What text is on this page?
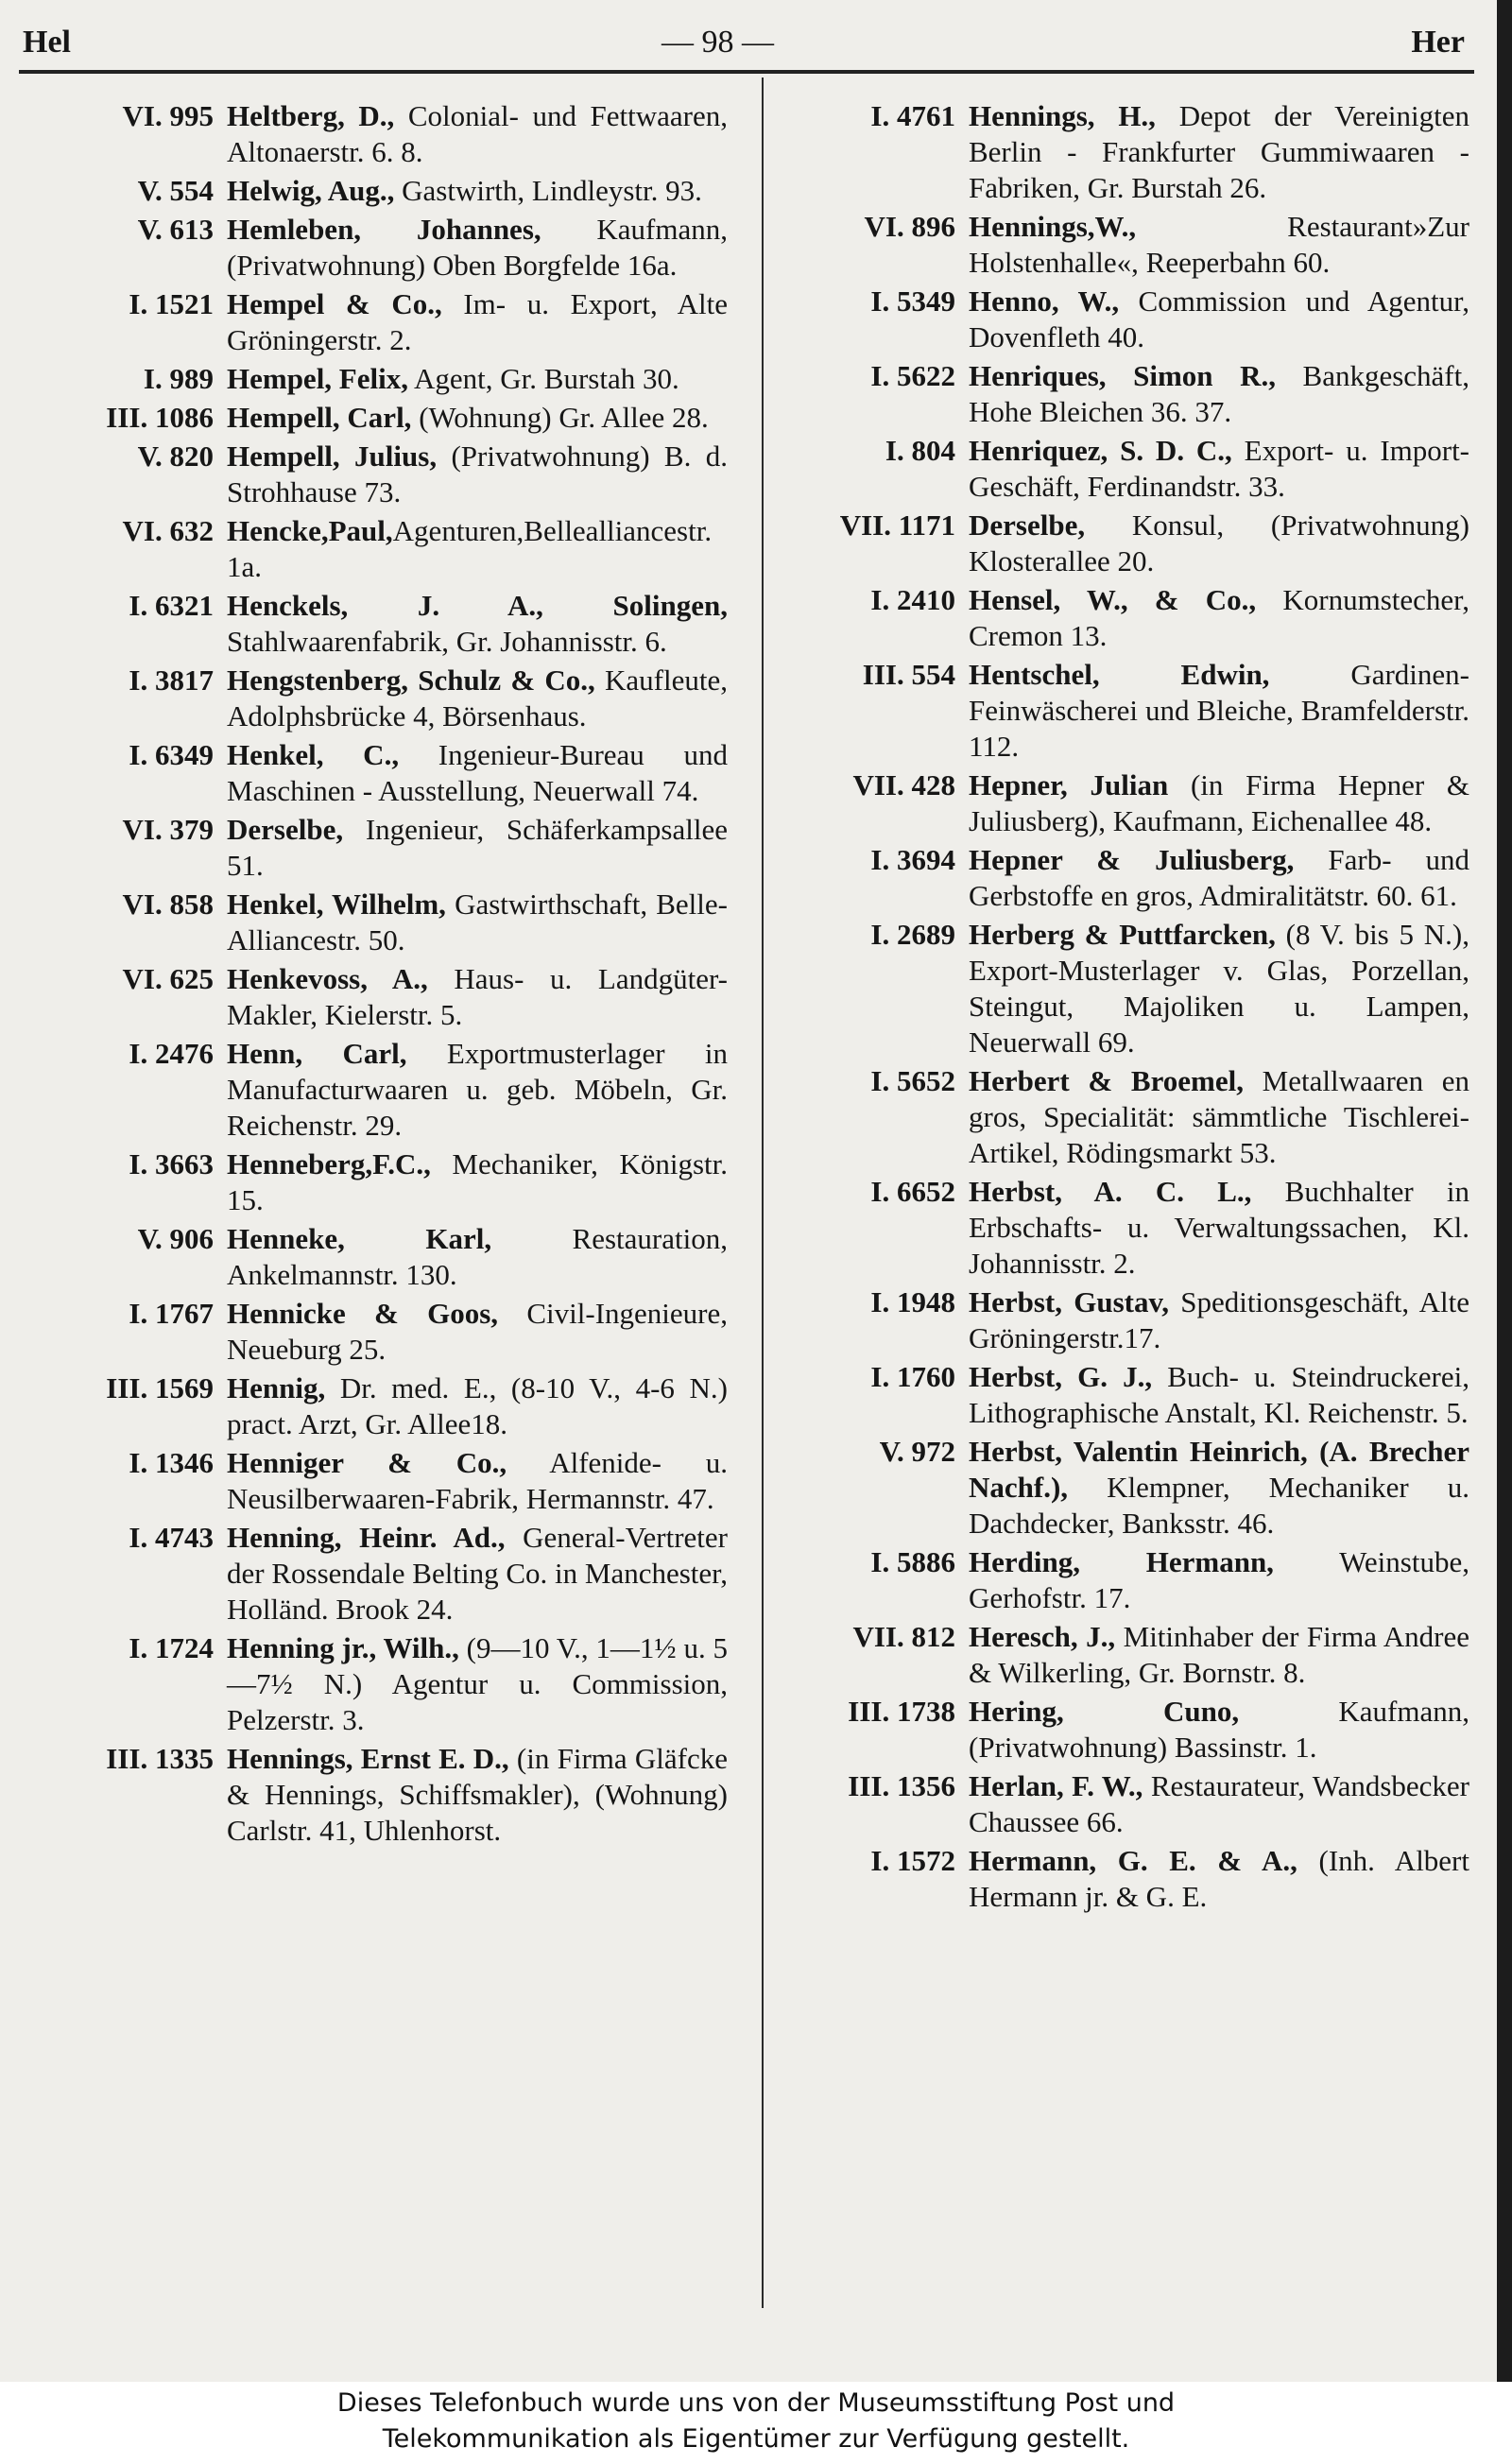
Hel	— 98 —	Her
VI. 995 Heltberg, D., Colonial- und Fettwaaren, Altonaerstr. 6. 8.
V. 554 Helwig, Aug., Gastwirth, Lindleystr. 93.
V. 613 Hemleben, Johannes, Kaufmann, (Privatwohnung) Oben Borgfelde 16a.
I. 1521 Hempel & Co., Im- u. Export, Alte Gröningerstr. 2.
I. 989 Hempel, Felix, Agent, Gr. Burstah 30.
III. 1086 Hempell, Carl, (Wohnung) Gr. Allee 28.
V. 820 Hempell, Julius, (Privatwohnung) B. d. Strohhause 73.
VI. 632 Hencke,Paul,Agenturen,Bellealliancestr. 1a.
I. 6321 Henckels, J. A., Solingen, Stahlwaarenfabrik, Gr. Johannisstr. 6.
I. 3817 Hengstenberg, Schulz & Co., Kaufleute, Adolphsbrücke 4, Börsenhaus.
I. 6349 Henkel, C., Ingenieur-Bureau und Maschinen - Ausstellung, Neuerwall 74.
VI. 379 Derselbe, Ingenieur, Schäferkampsallee 51.
VI. 858 Henkel, Wilhelm, Gastwirthschaft, Belle-Alliancestr. 50.
VI. 625 Henkevoss, A., Haus- u. Landgüter-Makler, Kielerstr. 5.
I. 2476 Henn, Carl, Exportmusterlager in Manufacturwaaren u. geb. Möbeln, Gr. Reichenstr. 29.
I. 3663 Henneberg,F.C., Mechaniker, Königstr. 15.
V. 906 Henneke, Karl, Restauration, Ankelmannstr. 130.
I. 1767 Hennicke & Goos, Civil-Ingenieure, Neueburg 25.
III. 1569 Hennig, Dr. med. E., (8-10 V., 4-6 N.) pract. Arzt, Gr. Allee18.
I. 1346 Henniger & Co., Alfenide- u. Neusilberwaaren-Fabrik, Hermannstr. 47.
I. 4743 Henning, Heinr. Ad., General-Vertreter der Rossendale Belting Co. in Manchester, Holländ. Brook 24.
I. 1724 Henning jr., Wilh., (9—10 V., 1—1½ u. 5—7½ N.) Agentur u. Commission, Pelzerstr. 3.
III. 1335 Hennings, Ernst E. D., (in Firma Gläfcke & Hennings, Schiffsmakler), (Wohnung) Carlstr. 41, Uhlenhorst.
I. 4761 Hennings, H., Depot der Vereinigten Berlin - Frankfurter Gummiwaaren - Fabriken, Gr. Burstah 26.
VI. 896 Hennings,W., Restaurant»Zur Holstenhalle«, Reeperbahn 60.
I. 5349 Henno, W., Commission und Agentur, Dovenfleth 40.
I. 5622 Henriques, Simon R., Bankgeschäft, Hohe Bleichen 36. 37.
I. 804 Henriquez, S. D. C., Export- u. Import-Geschäft, Ferdinandstr. 33.
VII. 1171 Derselbe, Konsul, (Privatwohnung) Klosterallee 20.
I. 2410 Hensel, W., & Co., Kornumstecher, Cremon 13.
III. 554 Hentschel, Edwin, Gardinen-Feinwäscherei und Bleiche, Bramfelderstr. 112.
VII. 428 Hepner, Julian (in Firma Hepner & Juliusberg), Kaufmann, Eichenallee 48.
I. 3694 Hepner & Juliusberg, Farb- und Gerbstoffe en gros, Admiralitätstr. 60. 61.
I. 2689 Herberg & Puttfarcken, (8 V. bis 5 N.), Export-Musterlager v. Glas, Porzellan, Steingut, Majoliken u. Lampen, Neuerwall 69.
I. 5652 Herbert & Broemel, Metallwaaren en gros, Specialität: sämmtliche Tischlerei-Artikel, Rödingsmarkt 53.
I. 6652 Herbst, A. C. L., Buchhalter in Erbschafts- u. Verwaltungssachen, Kl. Johannisstr. 2.
I. 1948 Herbst, Gustav, Speditionsgeschäft, Alte Gröningerstr.17.
I. 1760 Herbst, G. J., Buch- u. Steindruckerei, Lithographische Anstalt, Kl. Reichenstr. 5.
V. 972 Herbst, Valentin Heinrich, (A. Brecher Nachf.), Klempner, Mechaniker u. Dachdecker, Banksstr. 46.
I. 5886 Herding, Hermann, Weinstube, Gerhofstr. 17.
VII. 812 Heresch, J., Mitinhaber der Firma Andree & Wilkerling, Gr. Bornstr. 8.
III. 1738 Hering, Cuno, Kaufmann, (Privatwohnung) Bassinstr. 1.
III. 1356 Herlan, F. W., Restaurateur, Wandsbecker Chaussee 66.
I. 1572 Hermann, G. E. & A., (Inh. Albert Hermann jr. & G. E.
Dieses Telefonbuch wurde uns von der Museumsstiftung Post und
Telekommunikation als Eigentümer zur Verfügung gestellt.
